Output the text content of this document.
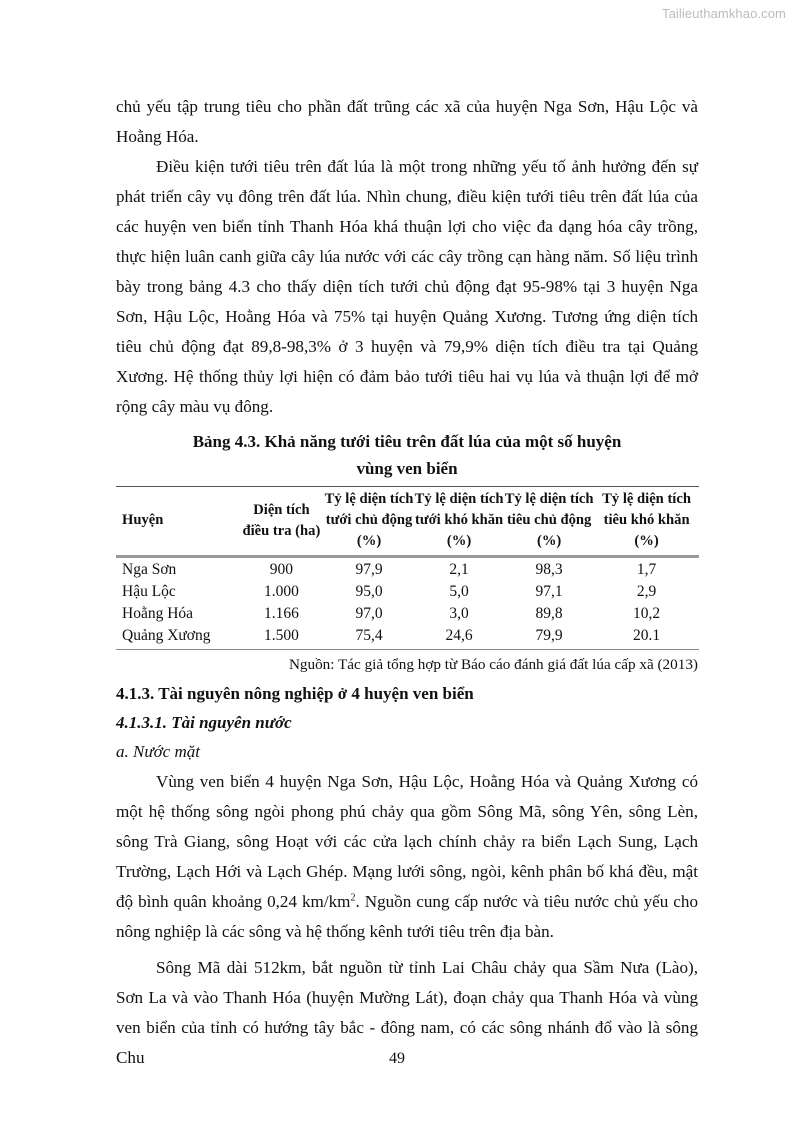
Tailieuthamkhao.com

chủ yếu tập trung tiêu cho phần đất trũng các xã của huyện Nga Sơn, Hậu Lộc và Hoằng Hóa.

Điều kiện tưới tiêu trên đất lúa là một trong những yếu tố ảnh hưởng đến sự phát triển cây vụ đông trên đất lúa. Nhìn chung, điều kiện tưới tiêu trên đất lúa của các huyện ven biển tỉnh Thanh Hóa khá thuận lợi cho việc đa dạng hóa cây trồng, thực hiện luân canh giữa cây lúa nước với các cây trồng cạn hàng năm. Số liệu trình bày trong bảng 4.3 cho thấy diện tích tưới chủ động đạt 95-98% tại 3 huyện Nga Sơn, Hậu Lộc, Hoằng Hóa và 75% tại huyện Quảng Xương. Tương ứng diện tích tiêu chủ động đạt 89,8-98,3% ở 3 huyện và 79,9% diện tích điều tra tại Quảng Xương. Hệ thống thủy lợi hiện có đảm bảo tưới tiêu hai vụ lúa và thuận lợi để mở rộng cây màu vụ đông.

Bảng 4.3. Khả năng tưới tiêu trên đất lúa của một số huyện
vùng ven biển
Huyện	Diện tích điều tra (ha)	Tỷ lệ diện tích tưới chủ động (%)	Tỷ lệ diện tích tưới khó khăn (%)	Tỷ lệ diện tích tiêu chủ động (%)	Tỷ lệ diện tích tiêu khó khăn (%)
Nga Sơn	900	97,9	2,1	98,3	1,7
Hậu Lộc	1.000	95,0	5,0	97,1	2,9
Hoằng Hóa	1.166	97,0	3,0	89,8	10,2
Quảng Xương	1.500	75,4	24,6	79,9	20.1
Nguồn: Tác giả tổng hợp từ Báo cáo đánh giá đất lúa cấp xã (2013)
4.1.3. Tài nguyên nông nghiệp ở 4 huyện ven biển
4.1.3.1. Tài nguyên nước

a. Nước mặt

Vùng ven biển 4 huyện Nga Sơn, Hậu Lộc, Hoằng Hóa và Quảng Xương có một hệ thống sông ngòi phong phú chảy qua gồm Sông Mã, sông Yên, sông Lèn, sông Trà Giang, sông Hoạt với các cửa lạch chính chảy ra biển Lạch Sung, Lạch Trường, Lạch Hới và Lạch Ghép. Mạng lưới sông, ngòi, kênh phân bố khá đều, mật độ bình quân khoảng 0,24 $km/km^2$. Nguồn cung cấp nước và tiêu nước chủ yếu cho nông nghiệp là các sông và hệ thống kênh tưới tiêu trên địa bàn.

Sông Mã dài 512km, bắt nguồn từ tỉnh Lai Châu chảy qua Sầm Nưa (Lào), Sơn La và vào Thanh Hóa (huyện Mường Lát), đoạn chảy qua Thanh Hóa và vùng ven biển của tỉnh có hướng tây bắc - đông nam, có các sông nhánh đổ vào là sông Chu	49
